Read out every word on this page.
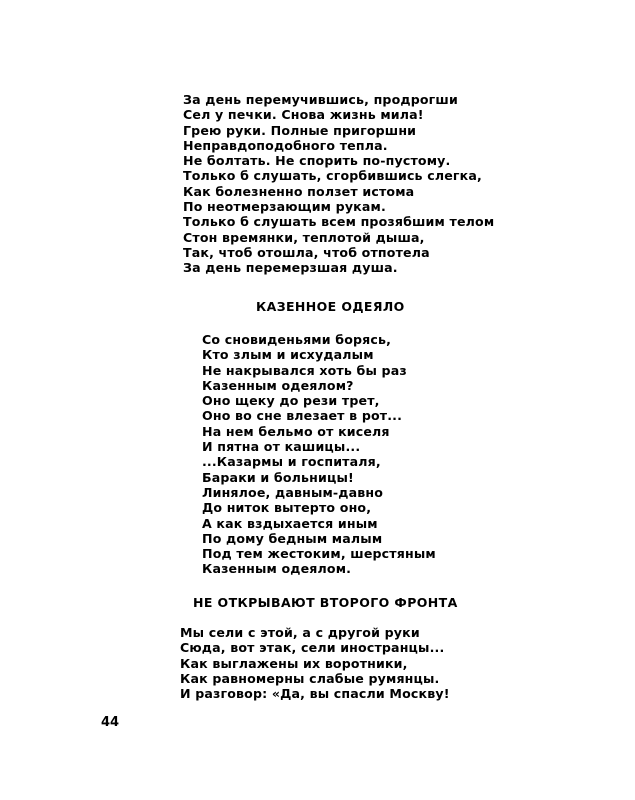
За день перемучившись, продрогши
Сел у печки. Снова жизнь мила!
Грею руки. Полные пригоршни
Неправдоподобного тепла.
Не болтать. Не спорить по-пустому.
Только б слушать, сгорбившись слегка,
Как болезненно ползет истома
По неотмерзающим рукам.
Только б слушать всем прозябшим телом
Стон времянки, теплотой дыша,
Так, чтоб отошла, чтоб отпотела
За день перемерзшая душа.
КАЗЕННОЕ ОДЕЯЛО
Со сновиденьями борясь,
Кто злым и исхудалым
Не накрывался хоть бы раз
Казенным одеялом?
Оно щеку до рези трет,
Оно во сне влезает в рот...
На нем бельмо от киселя
И пятна от кашицы...
...Казармы и госпиталя,
Бараки и больницы!
Линялое, давным-давно
До ниток вытерто оно,
А как вздыхается иным
По дому бедным малым
Под тем жестоким, шерстяным
Казенным одеялом.
НЕ ОТКРЫВАЮТ ВТОРОГО ФРОНТА
Мы сели с этой, а с другой руки
Сюда, вот этак, сели иностранцы...
Как выглажены их воротники,
Как равномерны слабые румянцы.
И разговор: «Да, вы спасли Москву!
44
